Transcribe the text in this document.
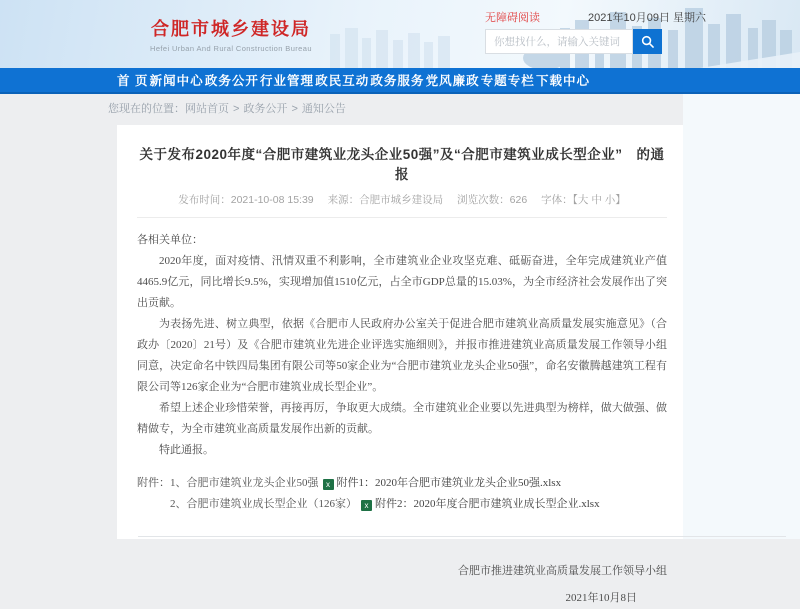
合肥市城乡建设局
Hefei Urban And Rural Construction Bureau
无障碍阅读	2021年10月09日 星期六
你想找什么，请输入关键词
首 页 新闻中心 政务公开 行业管理 政民互动 政务服务 党风廉政 专题专栏 下载中心
您现在的位置：网站首页 > 政务公开 > 通知公告
关于发布2020年度“合肥市建筑业龙头企业50强”及“合肥市建筑业成长型企业”　的通报
发布时间：2021-10-08 15:39 来源：合肥市城乡建设局 浏览次数：626 字体：【大 中 小】

各相关单位：

2020年度，面对疫情、汛情双重不利影响，全市建筑业企业攻坚克难、砥砺奋进，全年完成建筑业产值4465.9亿元，同比增长9.5%，实现增加值1510亿元，占全市GDP总量的15.03%，为全市经济社会发展作出了突出贡献。

为表扬先进、树立典型，依据《合肥市人民政府办公室关于促进合肥市建筑业高质量发展实施意见》（合政办〔2020〕21号）及《合肥市建筑业先进企业评选实施细则》，并报市推进建筑业高质量发展工作领导小组同意，决定命名中铁四局集团有限公司等50家企业为“合肥市建筑业龙头企业50强”，命名安徽腾越建筑工程有限公司等126家企业为“合肥市建筑业成长型企业”。

希望上述企业珍惜荣誉，再接再厉，争取更大成绩。全市建筑业企业要以先进典型为榜样，做大做强、做精做专，为全市建筑业高质量发展作出新的贡献。

特此通报。

附件：1、合肥市建筑业龙头企业50强 x 附件1：2020年合肥市建筑业龙头企业50强.xlsx
2、合肥市建筑业成长型企业（126家） x 附件2：2020年度合肥市建筑业成长型企业.xlsx
合肥市推进建筑业高质量发展工作领导小组
2021年10月8日
